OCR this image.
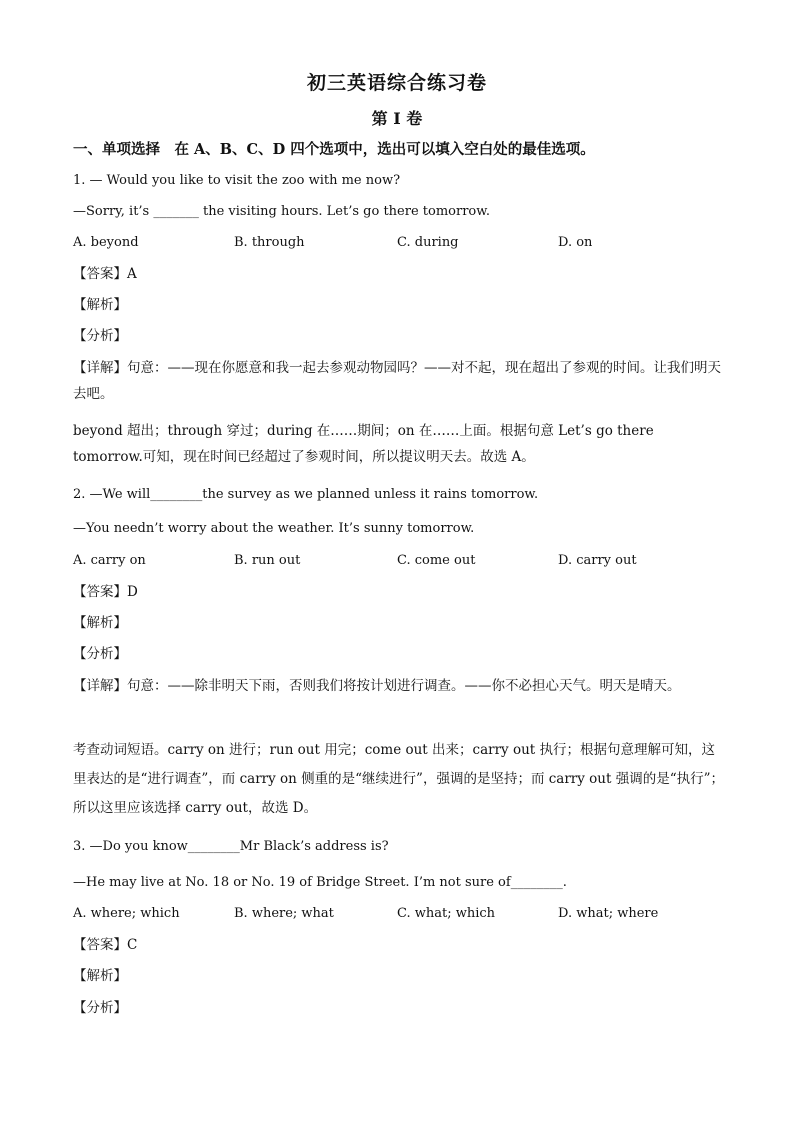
初三英语综合练习卷
第 I 卷
一、单项选择　在 A、B、C、D 四个选项中，选出可以填入空白处的最佳选项。
1. — Would you like to visit the zoo with me now?
—Sorry, it’s _______ the visiting hours. Let’s go there tomorrow.
A. beyond	B. through	C. during	D. on
【答案】A
【解析】
【分析】
【详解】句意：——现在你愿意和我一起去参观动物园吗？——对不起，现在超出了参观的时间。让我们明天去吧。
beyond 超出；through 穿过；during 在……期间；on 在……上面。根据句意 Let’s go there tomorrow.可知，现在时间已经超过了参观时间，所以提议明天去。故选 A。
2. —We will________the survey as we planned unless it rains tomorrow.
—You needn’t worry about the weather. It’s sunny tomorrow.
A. carry on	B. run out	C. come out	D. carry out
【答案】D
【解析】
【分析】
【详解】句意：——除非明天下雨，否则我们将按计划进行调查。——你不必担心天气。明天是晴天。
考查动词短语。carry on 进行；run out 用完；come out 出来；carry out 执行；根据句意理解可知，这里表达的是“进行调查”，而 carry on 侧重的是“继续进行”，强调的是坚持；而 carry out 强调的是“执行”；所以这里应该选择 carry out，故选 D。
3. —Do you know________Mr Black’s address is?
—He may live at No. 18 or No. 19 of Bridge Street. I’m not sure of________.
A. where; which	B. where; what	C. what; which	D. what; where
【答案】C
【解析】
【分析】
